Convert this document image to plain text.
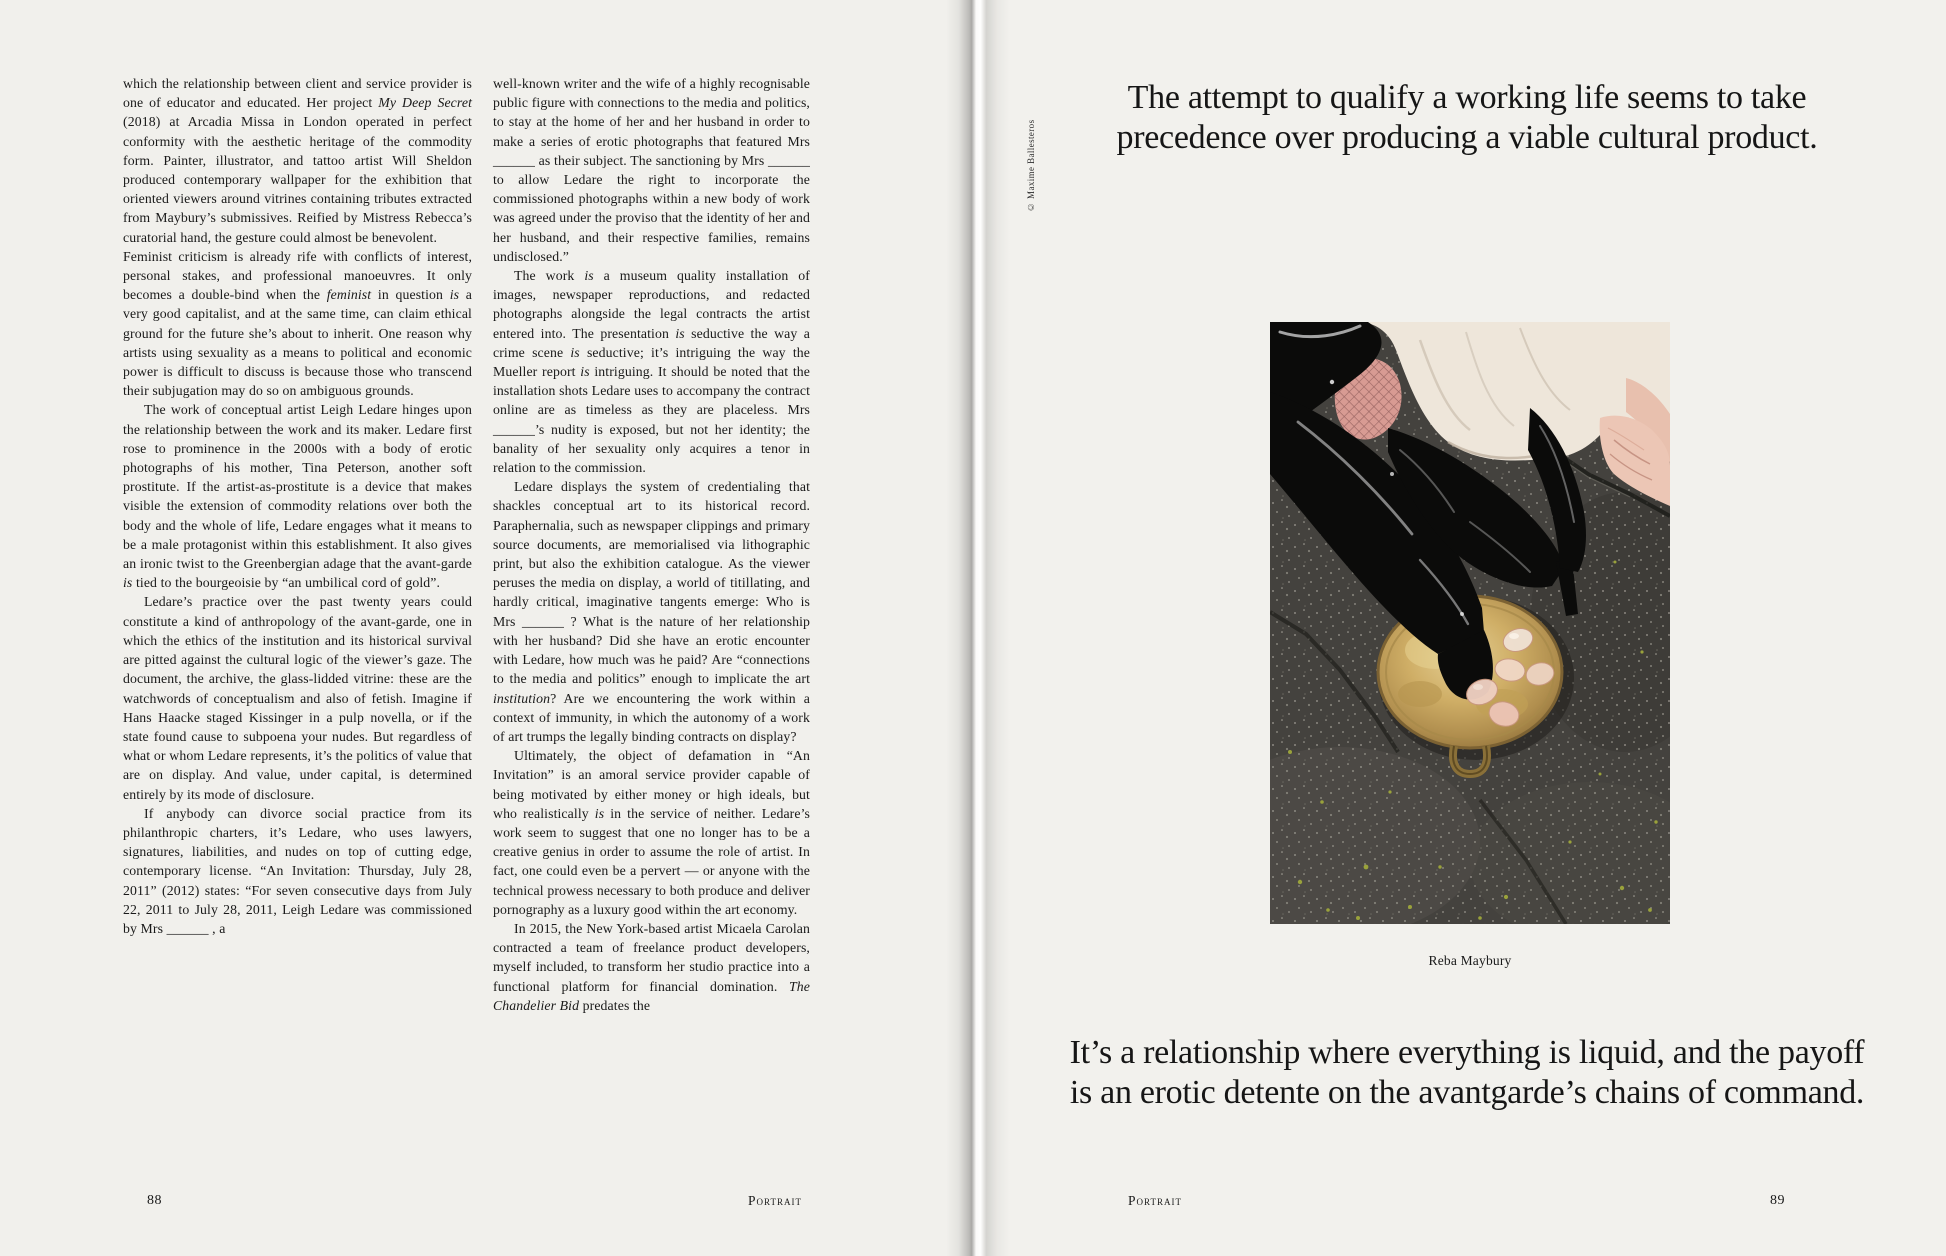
which the relationship between client and service provider is one of educator and educated. Her project My Deep Secret (2018) at Arcadia Missa in London operated in perfect conformity with the aesthetic heritage of the commodity form. Painter, illustrator, and tattoo artist Will Sheldon produced contemporary wallpaper for the exhibition that oriented viewers around vitrines containing tributes extracted from Maybury’s submissives. Reified by Mistress Rebecca’s curatorial hand, the gesture could almost be benevolent.

Feminist criticism is already rife with conflicts of interest, personal stakes, and professional manoeuvres. It only becomes a double-bind when the feminist in question is a very good capitalist, and at the same time, can claim ethical ground for the future she’s about to inherit. One reason why artists using sexuality as a means to political and economic power is difficult to discuss is because those who transcend their subjugation may do so on ambiguous grounds.

The work of conceptual artist Leigh Ledare hinges upon the relationship between the work and its maker. Ledare first rose to prominence in the 2000s with a body of erotic photographs of his mother, Tina Peterson, another soft prostitute. If the artist-as-prostitute is a device that makes visible the extension of commodity relations over both the body and the whole of life, Ledare engages what it means to be a male protagonist within this establishment. It also gives an ironic twist to the Greenbergian adage that the avant-garde is tied to the bourgeoisie by “an umbilical cord of gold”.

Ledare’s practice over the past twenty years could constitute a kind of anthropology of the avant-garde, one in which the ethics of the institution and its historical survival are pitted against the cultural logic of the viewer’s gaze. The document, the archive, the glass-lidded vitrine: these are the watchwords of conceptualism and also of fetish. Imagine if Hans Haacke staged Kissinger in a pulp novella, or if the state found cause to subpoena your nudes. But regardless of what or whom Ledare represents, it’s the politics of value that are on display. And value, under capital, is determined entirely by its mode of disclosure.

If anybody can divorce social practice from its philanthropic charters, it’s Ledare, who uses lawyers, signatures, liabilities, and nudes on top of cutting edge, contemporary license. “An Invitation: Thursday, July 28, 2011” (2012) states: “For seven consecutive days from July 22, 2011 to July 28, 2011, Leigh Ledare was commissioned by Mrs ______ , a

well-known writer and the wife of a highly recognisable public figure with connections to the media and politics, to stay at the home of her and her husband in order to make a series of erotic photographs that featured Mrs ______ as their subject. The sanctioning by Mrs ______ to allow Ledare the right to incorporate the commissioned photographs within a new body of work was agreed under the proviso that the identity of her and her husband, and their respective families, remains undisclosed.”

The work is a museum quality installation of images, newspaper reproductions, and redacted photographs alongside the legal contracts the artist entered into. The presentation is seductive the way a crime scene is seductive; it’s intriguing the way the Mueller report is intriguing. It should be noted that the installation shots Ledare uses to accompany the contract online are as timeless as they are placeless. Mrs ______’s nudity is exposed, but not her identity; the banality of her sexuality only acquires a tenor in relation to the commission.

Ledare displays the system of credentialing that shackles conceptual art to its historical record. Paraphernalia, such as newspaper clippings and primary source documents, are memorialised via lithographic print, but also the exhibition catalogue. As the viewer peruses the media on display, a world of titillating, and hardly critical, imaginative tangents emerge: Who is Mrs ______ ? What is the nature of her relationship with her husband? Did she have an erotic encounter with Ledare, how much was he paid? Are “connections to the media and politics” enough to implicate the art institution? Are we encountering the work within a context of immunity, in which the autonomy of a work of art trumps the legally binding contracts on display?

Ultimately, the object of defamation in “An Invitation” is an amoral service provider capable of being motivated by either money or high ideals, but who realistically is in the service of neither. Ledare’s work seem to suggest that one no longer has to be a creative genius in order to assume the role of artist. In fact, one could even be a pervert — or anyone with the technical prowess necessary to both produce and deliver pornography as a luxury good within the art economy.

In 2015, the New York-based artist Micaela Carolan contracted a team of freelance product developers, myself included, to transform her studio practice into a functional platform for financial domination. The Chandelier Bid predates the

88	Portrait
© Maxime Ballesteros
The attempt to qualify a working life seems to take precedence over producing a viable cultural product.
Reba Maybury
It’s a relationship where everything is liquid, and the payoff is an erotic detente on the avantgarde’s chains of command.
Portrait	89
